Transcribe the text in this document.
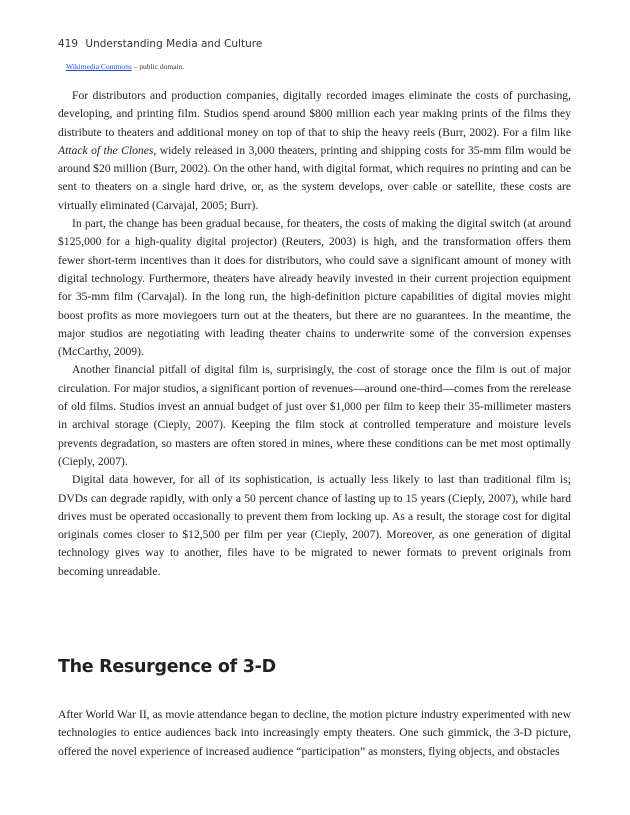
419 Understanding Media and Culture
Wikimedia Commons – public domain.

For distributors and production companies, digitally recorded images eliminate the costs of purchasing, developing, and printing film. Studios spend around $800 million each year making prints of the films they distribute to theaters and additional money on top of that to ship the heavy reels (Burr, 2002). For a film like Attack of the Clones, widely released in 3,000 theaters, printing and shipping costs for 35-mm film would be around $20 million (Burr, 2002). On the other hand, with digital format, which requires no printing and can be sent to theaters on a single hard drive, or, as the system develops, over cable or satellite, these costs are virtually eliminated (Carvajal, 2005; Burr).

In part, the change has been gradual because, for theaters, the costs of making the digital switch (at around $125,000 for a high-quality digital projector) (Reuters, 2003) is high, and the transformation offers them fewer short-term incentives than it does for distributors, who could save a significant amount of money with digital technology. Furthermore, theaters have already heavily invested in their current projection equipment for 35-mm film (Carvajal). In the long run, the high-definition picture capabilities of digital movies might boost profits as more moviegoers turn out at the theaters, but there are no guarantees. In the meantime, the major studios are negotiating with leading theater chains to underwrite some of the conversion expenses (McCarthy, 2009).

Another financial pitfall of digital film is, surprisingly, the cost of storage once the film is out of major circulation. For major studios, a significant portion of revenues—around one-third—comes from the rerelease of old films. Studios invest an annual budget of just over $1,000 per film to keep their 35-millimeter masters in archival storage (Cieply, 2007). Keeping the film stock at controlled temperature and moisture levels prevents degradation, so masters are often stored in mines, where these conditions can be met most optimally (Cieply, 2007).

Digital data however, for all of its sophistication, is actually less likely to last than traditional film is; DVDs can degrade rapidly, with only a 50 percent chance of lasting up to 15 years (Cieply, 2007), while hard drives must be operated occasionally to prevent them from locking up. As a result, the storage cost for digital originals comes closer to $12,500 per film per year (Cieply, 2007). Moreover, as one generation of digital technology gives way to another, files have to be migrated to newer formats to prevent originals from becoming unreadable.

The Resurgence of 3-D

After World War II, as movie attendance began to decline, the motion picture industry experimented with new technologies to entice audiences back into increasingly empty theaters. One such gimmick, the 3-D picture, offered the novel experience of increased audience “participation” as monsters, flying objects, and obstacles
